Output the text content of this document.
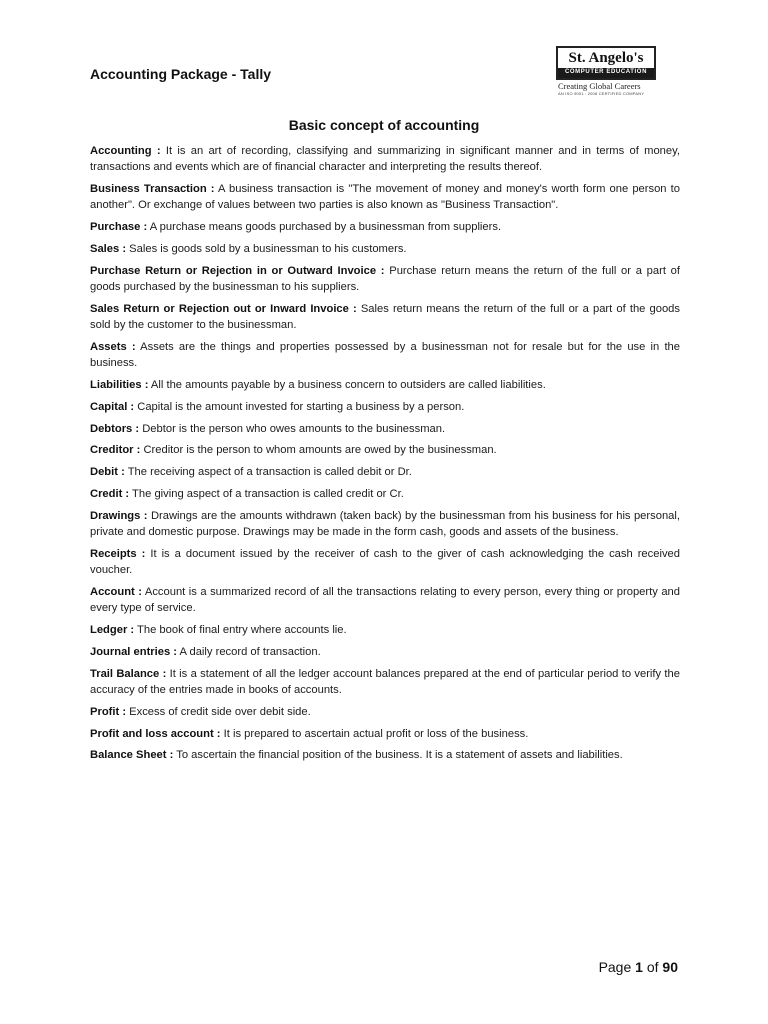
Accounting Package - Tally
St. Angelo's
COMPUTER EDUCATION
Creating Global Careers
AN ISO 9001 : 2008 CERTIFIED COMPANY
Basic concept of accounting

Accounting : It is an art of recording, classifying and summarizing in significant manner and in terms of money, transactions and events which are of financial character and interpreting the results thereof.

Business Transaction : A business transaction is "The movement of money and money's worth form one person to another". Or exchange of values between two parties is also known as "Business Transaction".

Purchase : A purchase means goods purchased by a businessman from suppliers.

Sales : Sales is goods sold by a businessman to his customers.

Purchase Return or Rejection in or Outward Invoice : Purchase return means the return of the full or a part of goods purchased by the businessman to his suppliers.

Sales Return or Rejection out or Inward Invoice : Sales return means the return of the full or a part of the goods sold by the customer to the businessman.

Assets : Assets are the things and properties possessed by a businessman not for resale but for the use in the business.

Liabilities : All the amounts payable by a business concern to outsiders are called liabilities.

Capital : Capital is the amount invested for starting a business by a person.

Debtors : Debtor is the person who owes amounts to the businessman.

Creditor : Creditor is the person to whom amounts are owed by the businessman.

Debit : The receiving aspect of a transaction is called debit or Dr.

Credit : The giving aspect of a transaction is called credit or Cr.

Drawings : Drawings are the amounts withdrawn (taken back) by the businessman from his business for his personal, private and domestic purpose. Drawings may be made in the form cash, goods and assets of the business.

Receipts : It is a document issued by the receiver of cash to the giver of cash acknowledging the cash received voucher.

Account : Account is a summarized record of all the transactions relating to every person, every thing or property and every type of service.

Ledger : The book of final entry where accounts lie.

Journal entries : A daily record of transaction.

Trail Balance : It is a statement of all the ledger account balances prepared at the end of particular period to verify the accuracy of the entries made in books of accounts.

Profit : Excess of credit side over debit side.

Profit and loss account : It is prepared to ascertain actual profit or loss of the business.

Balance Sheet : To ascertain the financial position of the business. It is a statement of assets and liabilities.

Page 1 of 90
